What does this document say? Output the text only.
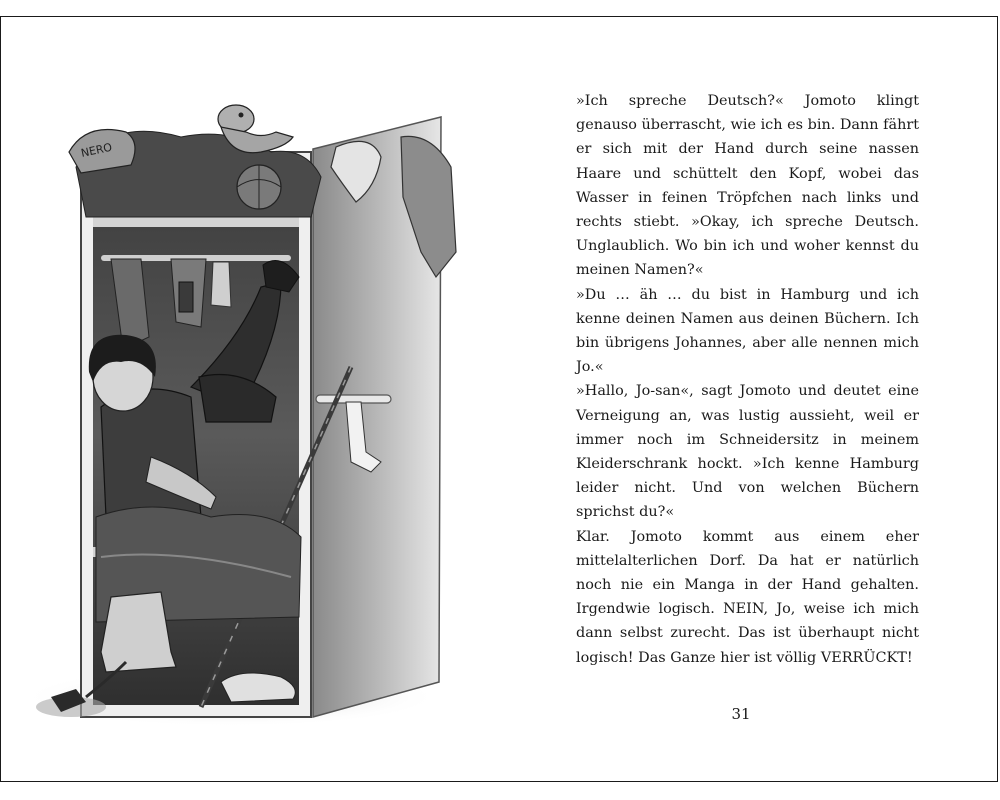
NERO

»Ich spreche Deutsch?« Jomoto klingt genauso überrascht, wie ich es bin. Dann fährt er sich mit der Hand durch seine nassen Haare und schüttelt den Kopf, wobei das Wasser in feinen Tröpfchen nach links und rechts stiebt. »Okay, ich spreche Deutsch. Unglaublich. Wo bin ich und woher kennst du meinen Namen?«

»Du … äh … du bist in Hamburg und ich kenne deinen Namen aus deinen Büchern. Ich bin übrigens Johannes, aber alle nennen mich Jo.«

»Hallo, Jo-san«, sagt Jomoto und deutet eine Verneigung an, was lustig aussieht, weil er immer noch im Schneidersitz in meinem Kleiderschrank hockt. »Ich kenne Hamburg leider nicht. Und von welchen Büchern sprichst du?«

Klar. Jomoto kommt aus einem eher mittelalterlichen Dorf. Da hat er natürlich noch nie ein Manga in der Hand gehalten. Irgendwie logisch. NEIN, Jo, weise ich mich dann selbst zurecht. Das ist überhaupt nicht logisch! Das Ganze hier ist völlig VERRÜCKT!

31
